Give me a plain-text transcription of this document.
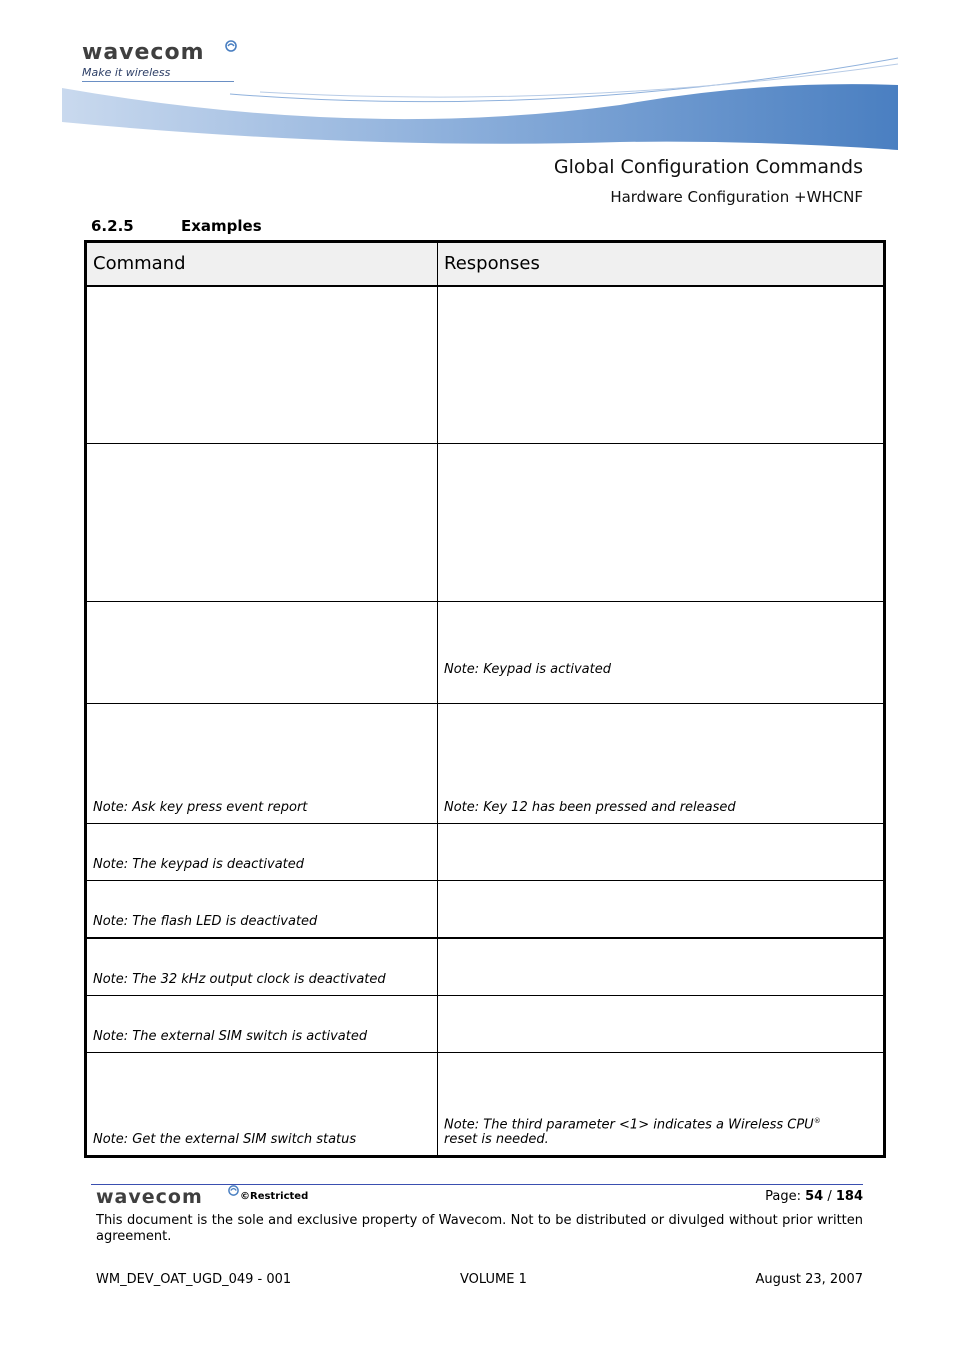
wavecom
Make it wireless
Global Configuration Commands
Hardware Configuration +WHCNF
6.2.5	Examples
Command	Responses

	Note: Keypad is activated

Note: Ask key press event report	Note: Key 12 has been pressed and released

Note: The keypad is deactivated	

Note: The flash LED is deactivated	

Note: The 32 kHz output clock is deactivated	

Note: The external SIM switch is activated	

Note: Get the external SIM switch status	Note: The third parameter <1> indicates a Wireless CPU®
reset is needed.
wavecom	©Restricted	Page: 54 / 184
This document is the sole and exclusive property of Wavecom. Not to be distributed or divulged without prior written agreement.
WM_DEV_OAT_UGD_049 - 001	VOLUME 1	August 23, 2007
